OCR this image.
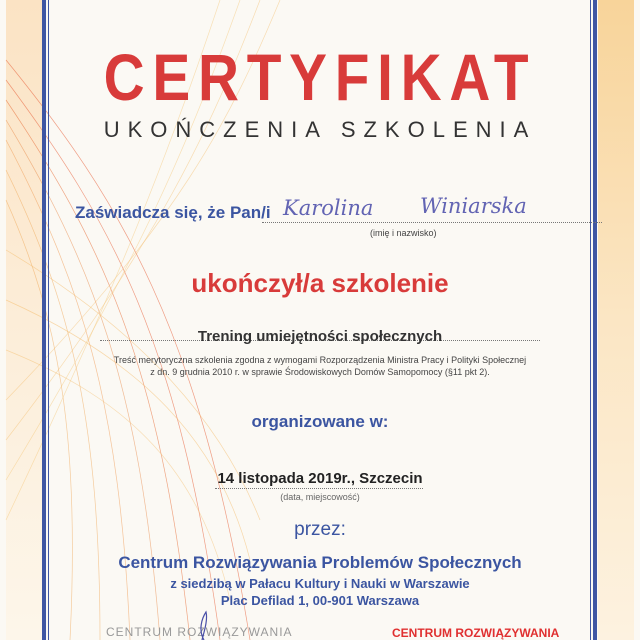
CERTYFIKAT
UKOŃCZENIA SZKOLENIA
Zaświadcza się, że Pan/i Karolina Winiarska
(imię i nazwisko)
ukończył/a szkolenie
Trening umiejętności społecznych
Treść merytoryczna szkolenia zgodna z wymogami Rozporządzenia Ministra Pracy i Polityki Społecznej
z dn. 9 grudnia 2010 r. w sprawie Środowiskowych Domów Samopomocy (§11 pkt 2).
organizowane w:
14 listopada 2019r., Szczecin
(data, miejscowość)
przez:
Centrum Rozwiązywania Problemów Społecznych
z siedzibą w Pałacu Kultury i Nauki w Warszawie
Plac Defilad 1, 00-901 Warszawa
CENTRUM ROZWIĄZYWANIA	CENTRUM ROZWIĄZYWANIA
